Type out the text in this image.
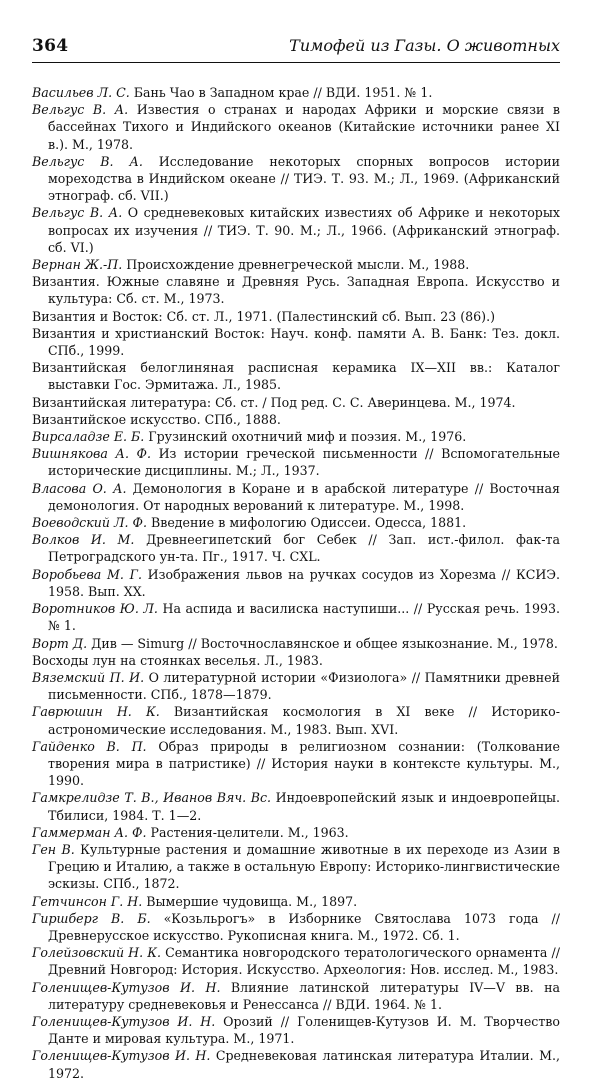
364	Тимофей из Газы. О животных
Васильев Л. С. Бань Чао в Западном крае // ВДИ. 1951. № 1.
Вельгус В. А. Известия о странах и народах Африки и морские связи в бассейнах Тихого и Индийского океанов (Китайские источники ранее XI в.). М., 1978.
Вельгус В. А. Исследование некоторых спорных вопросов истории мореходства в Индийском океане // ТИЭ. Т. 93. М.; Л., 1969. (Африканский этнограф. сб. VII.)
Вельгус В. А. О средневековых китайских известиях об Африке и некоторых вопросах их изучения // ТИЭ. Т. 90. М.; Л., 1966. (Африканский этнограф. сб. VI.)
Вернан Ж.-П. Происхождение древнегреческой мысли. М., 1988.
Византия. Южные славяне и Древняя Русь. Западная Европа. Искусство и культура: Сб. ст. М., 1973.
Византия и Восток: Сб. ст. Л., 1971. (Палестинский сб. Вып. 23 (86).)
Византия и христианский Восток: Науч. конф. памяти А. В. Банк: Тез. докл. СПб., 1999.
Византийская белоглиняная расписная керамика IX—XII вв.: Каталог выставки Гос. Эрмитажа. Л., 1985.
Византийская литература: Сб. ст. / Под ред. С. С. Аверинцева. М., 1974.
Византийское искусство. СПб., 1888.
Вирсаладзе Е. Б. Грузинский охотничий миф и поэзия. М., 1976.
Вишнякова А. Ф. Из истории греческой письменности // Вспомогательные исторические дисциплины. М.; Л., 1937.
Власова О. А. Демонология в Коране и в арабской литературе // Восточная демонология. От народных верований к литературе. М., 1998.
Воеводский Л. Ф. Введение в мифологию Одиссеи. Одесса, 1881.
Волков И. М. Древнеегипетский бог Себек // Зап. ист.-филол. фак-та Петроградского ун-та. Пг., 1917. Ч. CXL.
Воробьева М. Г. Изображения львов на ручках сосудов из Хорезма // КСИЭ. 1958. Вып. XX.
Воротников Ю. Л. На аспида и василиска наступиши... // Русская речь. 1993. № 1.
Ворт Д. Див — Simurg // Восточнославянское и общее языкознание. М., 1978.
Восходы лун на стоянках веселья. Л., 1983.
Вяземский П. И. О литературной истории «Физиолога» // Памятники древней письменности. СПб., 1878—1879.
Гаврюшин Н. К. Византийская космология в XI веке // Историко-астрономические исследования. М., 1983. Вып. XVI.
Гайденко В. П. Образ природы в религиозном сознании: (Толкование творения мира в патристике) // История науки в контексте культуры. М., 1990.
Гамкрелидзе Т. В., Иванов Вяч. Вс. Индоевропейский язык и индоевропейцы. Тбилиси, 1984. Т. 1—2.
Гаммерман А. Ф. Растения-целители. М., 1963.
Ген В. Культурные растения и домашние животные в их переходе из Азии в Грецию и Италию, а также в остальную Европу: Историко-лингвистические эскизы. СПб., 1872.
Гетчинсон Г. Н. Вымершие чудовища. М., 1897.
Гиршберг В. Б. «Козьльрогъ» в Изборнике Святослава 1073 года // Древнерусское искусство. Рукописная книга. М., 1972. Сб. 1.
Голейзовский Н. К. Семантика новгородского тератологического орнамента // Древний Новгород: История. Искусство. Археология: Нов. исслед. М., 1983.
Голенищев-Кутузов И. Н. Влияние латинской литературы IV—V вв. на литературу средневековья и Ренессанса // ВДИ. 1964. № 1.
Голенищев-Кутузов И. Н. Орозий // Голенищев-Кутузов И. М. Творчество Данте и мировая культура. М., 1971.
Голенищев-Кутузов И. Н. Средневековая латинская литература Италии. М., 1972.
